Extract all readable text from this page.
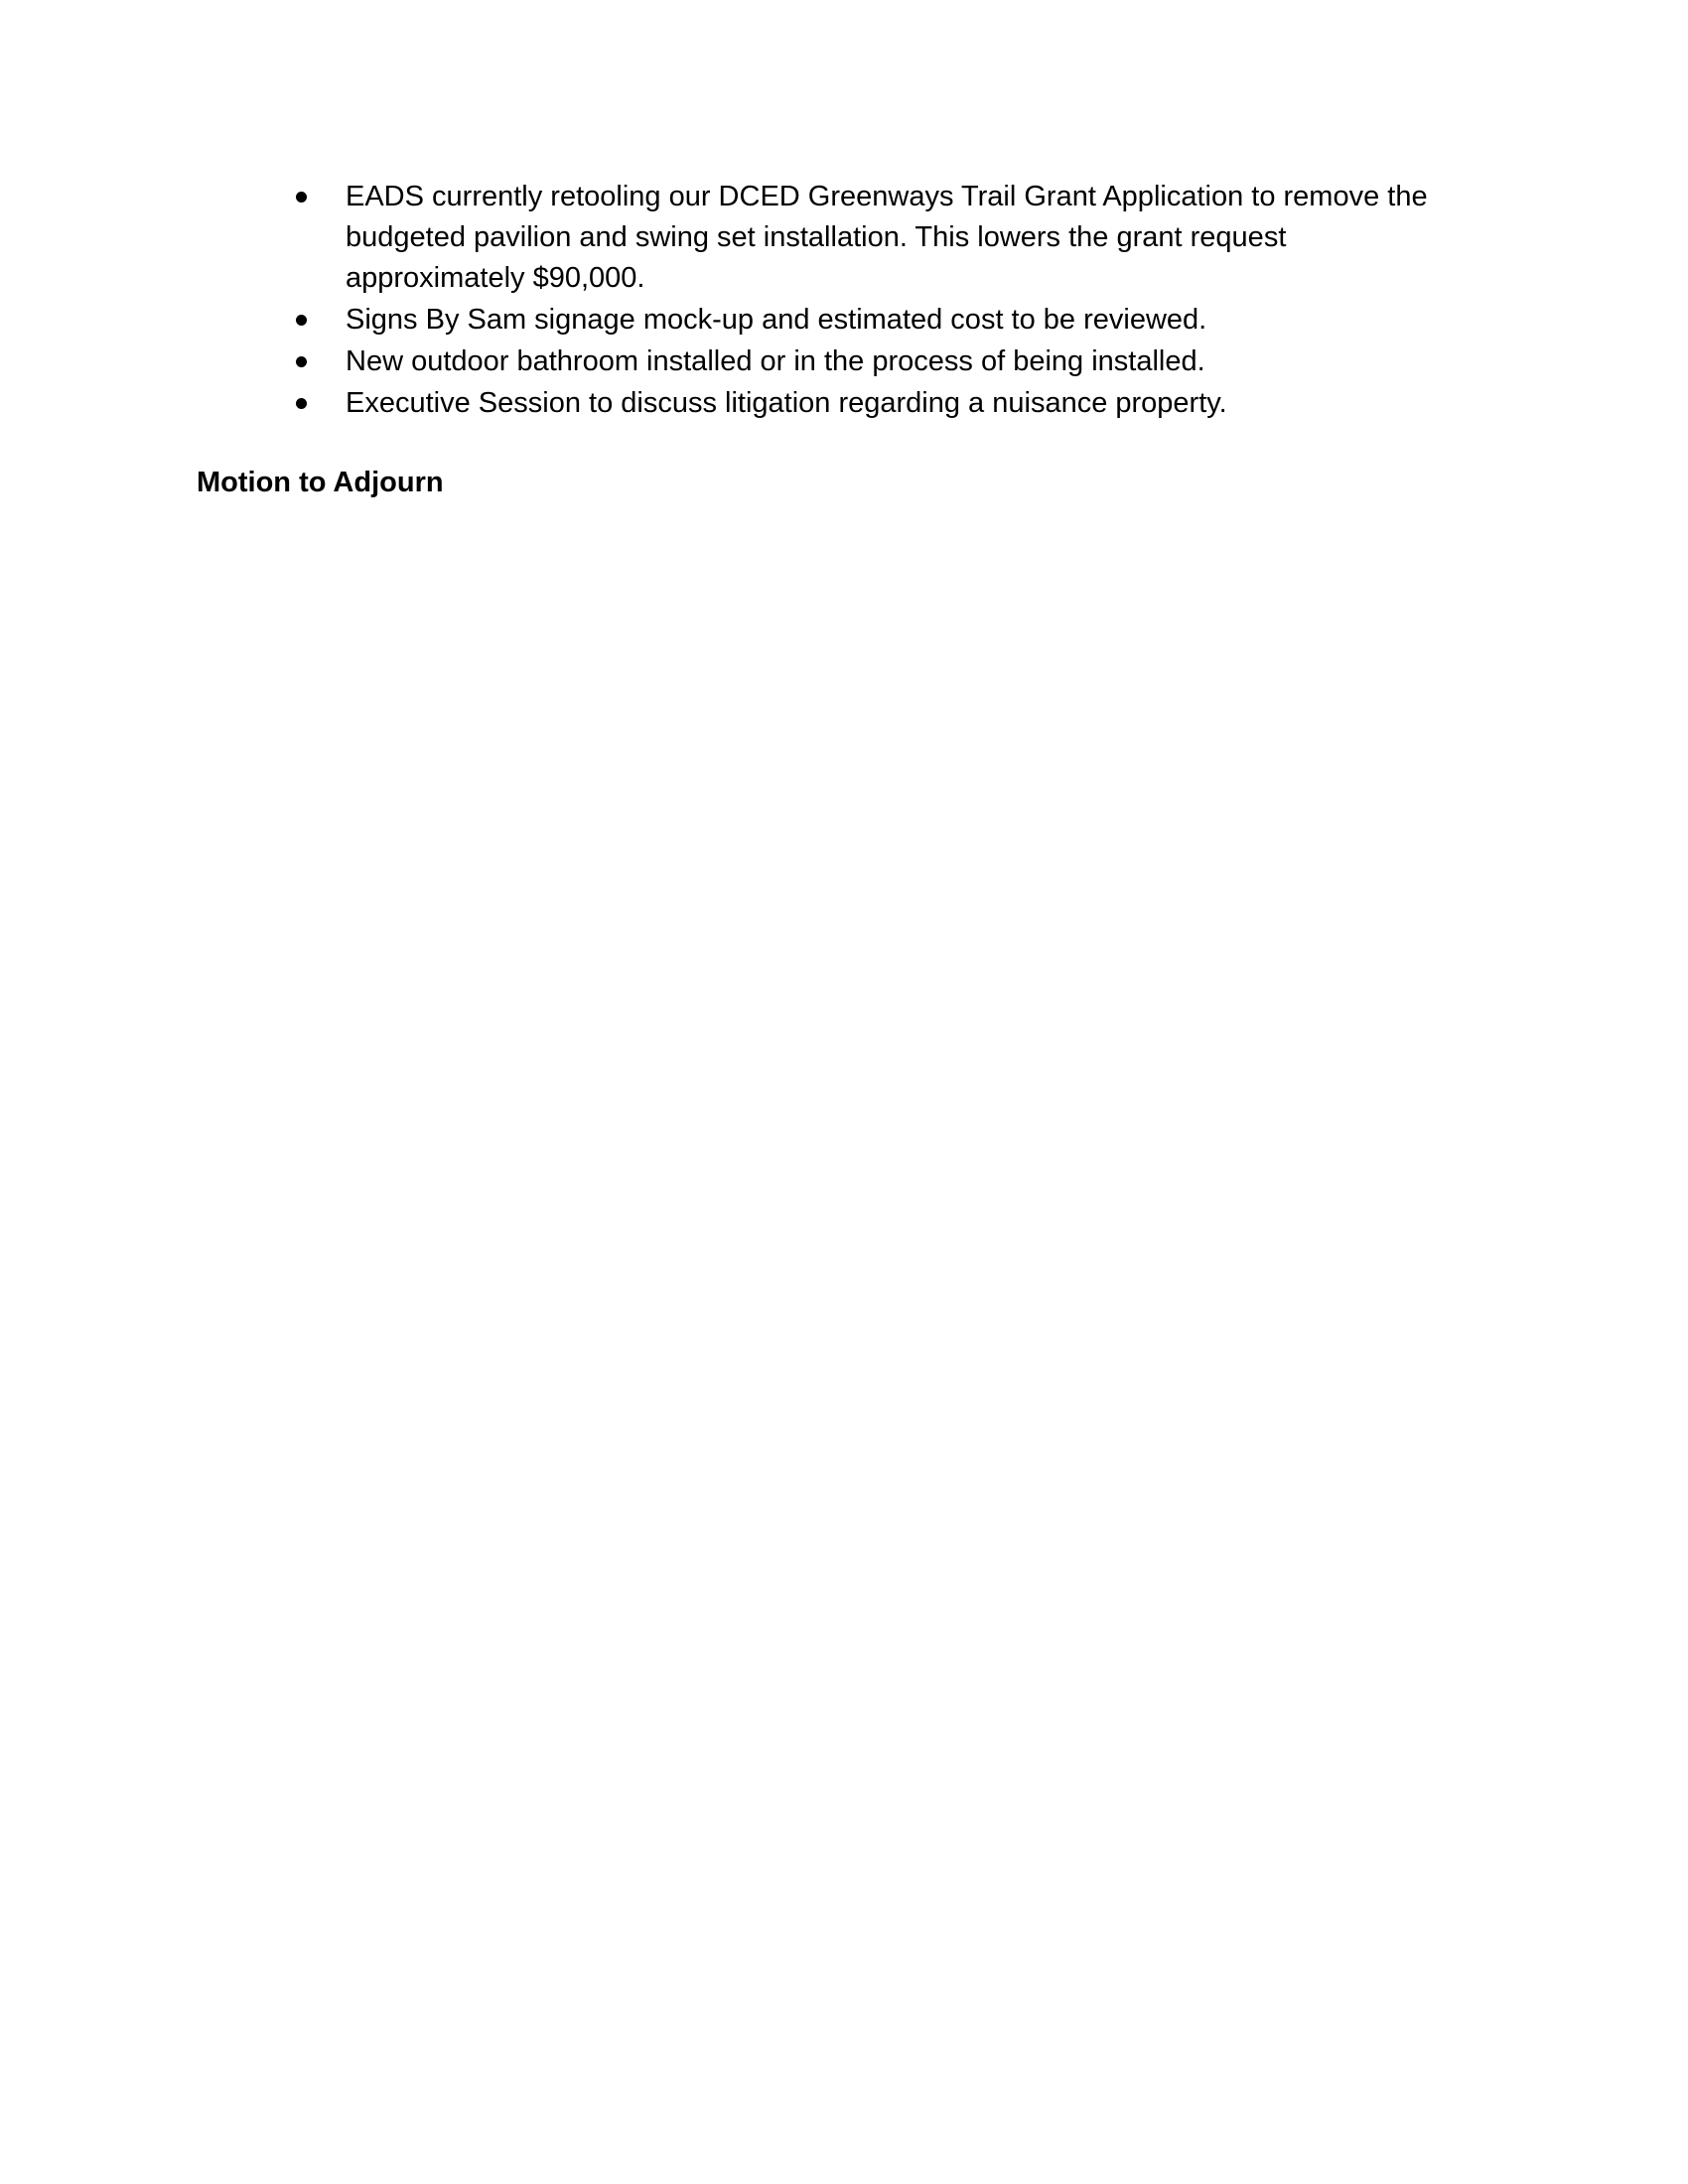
EADS currently retooling our DCED Greenways Trail Grant Application to remove the
budgeted pavilion and swing set installation. This lowers the grant request
approximately $90,000.
Signs By Sam signage mock-up and estimated cost to be reviewed.
New outdoor bathroom installed or in the process of being installed.
Executive Session to discuss litigation regarding a nuisance property.

Motion to Adjourn
